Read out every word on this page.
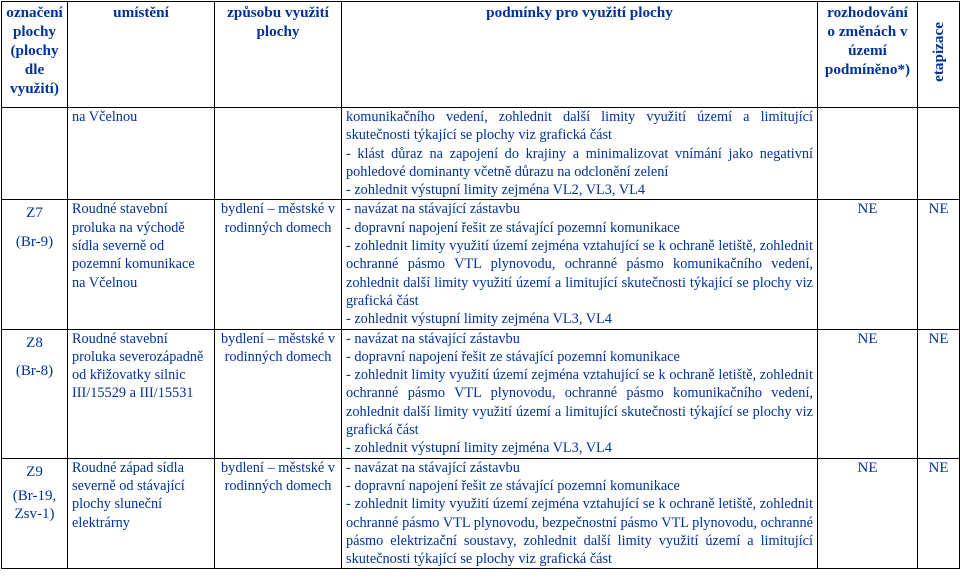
označení plochy (plochy dle využití)	umístění	způsobu využití plochy	podmínky pro využití plochy	rozhodování o změnách v území podmíněno*)	etapizace
	na Včelnou		komunikačního vedení, zohlednit další limity využití území a limitující skutečnosti týkající se plochy viz grafická část
- klást důraz na zapojení do krajiny a minimalizovat vnímání jako negativní pohledové dominanty včetně důrazu na odclonění zelení
- zohlednit výstupní limity zejména VL2, VL3, VL4		

Z7
(Br-9)	Roudné stavební proluka na východě sídla severně od pozemní komunikace na Včelnou	bydlení – městské v rodinných domech	- navázat na stávající zástavbu
- dopravní napojení řešit ze stávající pozemní komunikace
- zohlednit limity využití území zejména vztahující se k ochraně letiště, zohlednit ochranné pásmo VTL plynovodu, ochranné pásmo komunikačního vedení, zohlednit další limity využití území a limitující skutečnosti týkající se plochy viz grafická část
- zohlednit výstupní limity zejména VL3, VL4	NE	NE

Z8
(Br-8)	Roudné stavební proluka severozápadně od křižovatky silnic III/15529 a III/15531	bydlení – městské v rodinných domech	- navázat na stávající zástavbu
- dopravní napojení řešit ze stávající pozemní komunikace
- zohlednit limity využití území zejména vztahující se k ochraně letiště, zohlednit ochranné pásmo VTL plynovodu, ochranné pásmo komunikačního vedení, zohlednit další limity využití území a limitující skutečnosti týkající se plochy viz grafická část
- zohlednit výstupní limity zejména VL3, VL4	NE	NE

Z9
(Br-19, Zsv-1)	Roudné západ sídla severně od stávající plochy sluneční elektrárny	bydlení – městské v rodinných domech	- navázat na stávající zástavbu
- dopravní napojení řešit ze stávající pozemní komunikace
- zohlednit limity využití území zejména vztahující se k ochraně letiště, zohlednit ochranné pásmo VTL plynovodu, bezpečnostní pásmo VTL plynovodu, ochranné pásmo elektrizační soustavy, zohlednit další limity využití území a limitující skutečnosti týkající se plochy viz grafická část	NE	NE
